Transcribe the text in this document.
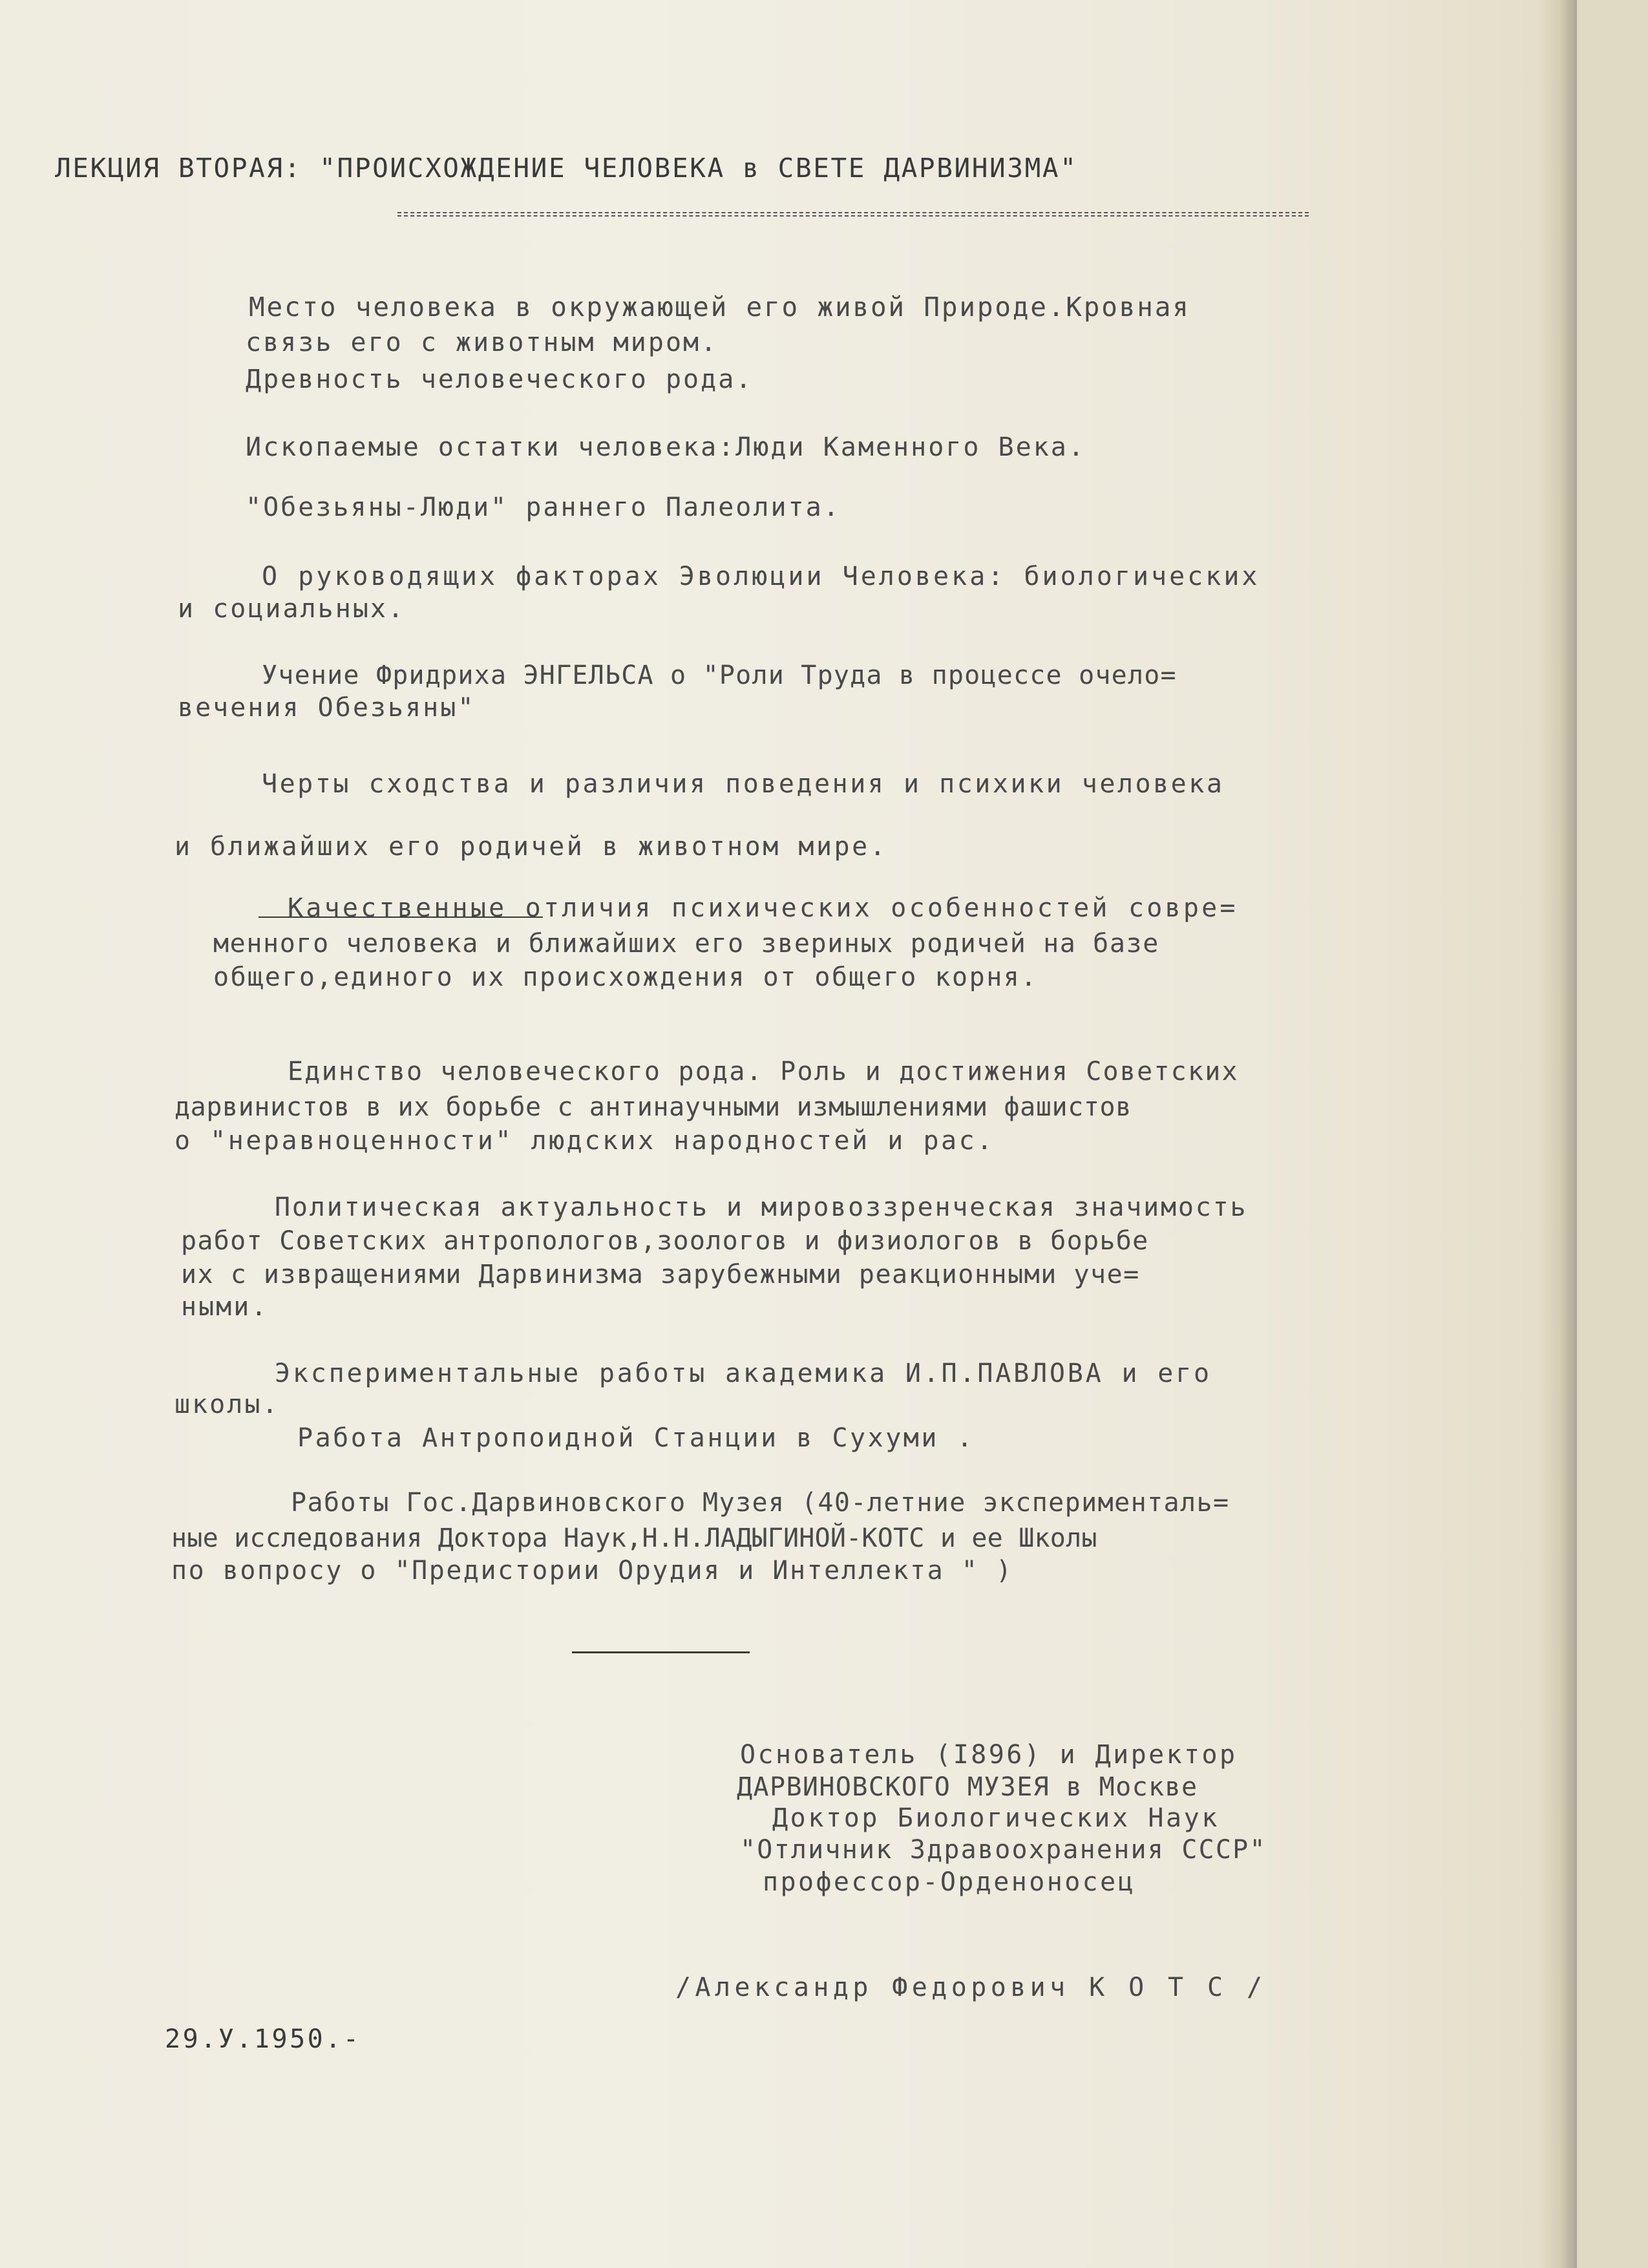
ЛЕКЦИЯ ВТОРАЯ: "ПРОИСХОЖДЕНИЕ ЧЕЛОВЕКА в СВЕТЕ ДАРВИНИЗМА"
Место человека в окружающей его живой Природе.Кровная
связь его с животным миром.
Древность человеческого рода.
Ископаемые остатки человека:Люди Каменного Века.
"Обезьяны-Люди" раннего Палеолита.
О руководящих факторах Эволюции Человека: биологических
и социальных.
Учение Фридриха ЭНГЕЛЬСА о "Роли Труда в процессе очело=
вечения Обезьяны"
Черты сходства и различия поведения и психики человека
и ближайших его родичей в животном мире.
Качественные отличия психических особенностей совре=
менного человека и ближайших его звериных родичей на базе
общего,единого их происхождения от общего корня.
Единство человеческого рода. Роль и достижения Советских
дарвинистов в их борьбе с антинаучными измышлениями фашистов
о "неравноценности" людских народностей и рас.
Политическая актуальность и мировоззренческая значимость
работ Советских антропологов,зоологов и физиологов в борьбе
их с извращениями Дарвинизма зарубежными реакционными уче=
ными.
Экспериментальные работы академика И.П.ПАВЛОВА и его
школы.
Работа Антропоидной Станции в Сухуми .
Работы Гос.Дарвиновского Музея (40-летние эксперименталь=
ные исследования Доктора Наук,Н.Н.ЛАДЫГИНОЙ-КОТС и ее Школы
по вопросу о "Предистории Орудия и Интеллекта " )
Основатель (I896) и Директор
ДАРВИНОВСКОГО МУЗЕЯ в Москве
Доктор Биологических Наук
"Отличник Здравоохранения СССР"
профессор-Орденоносец
/Александр Федорович К О Т С /
29.У.1950.-
